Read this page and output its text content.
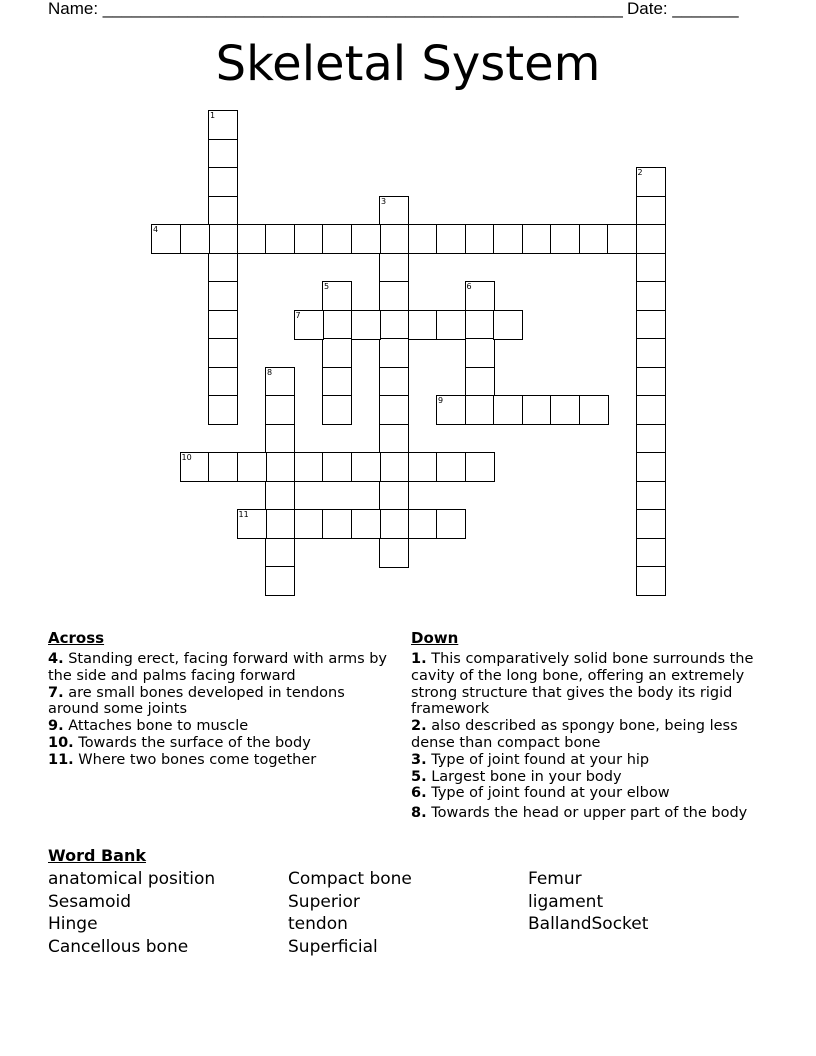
Name: _______________________________________________________ Date: _______
Skeletal System
1
2
3
4
5	6
7
8
9
10
11
Across
4. Standing erect, facing forward with arms by the side and palms facing forward
7. are small bones developed in tendons around some joints
9. Attaches bone to muscle
10. Towards the surface of the body
11. Where two bones come together
Down
1. This comparatively solid bone surrounds the cavity of the long bone, offering an extremely strong structure that gives the body its rigid framework
2. also described as spongy bone, being less dense than compact bone
3. Type of joint found at your hip
5. Largest bone in your body
6. Type of joint found at your elbow
8. Towards the head or upper part of the body
Word Bank
anatomical position	Compact bone	Femur
Sesamoid	Superior	ligament
Hinge	tendon	BallandSocket
Cancellous bone	Superficial
